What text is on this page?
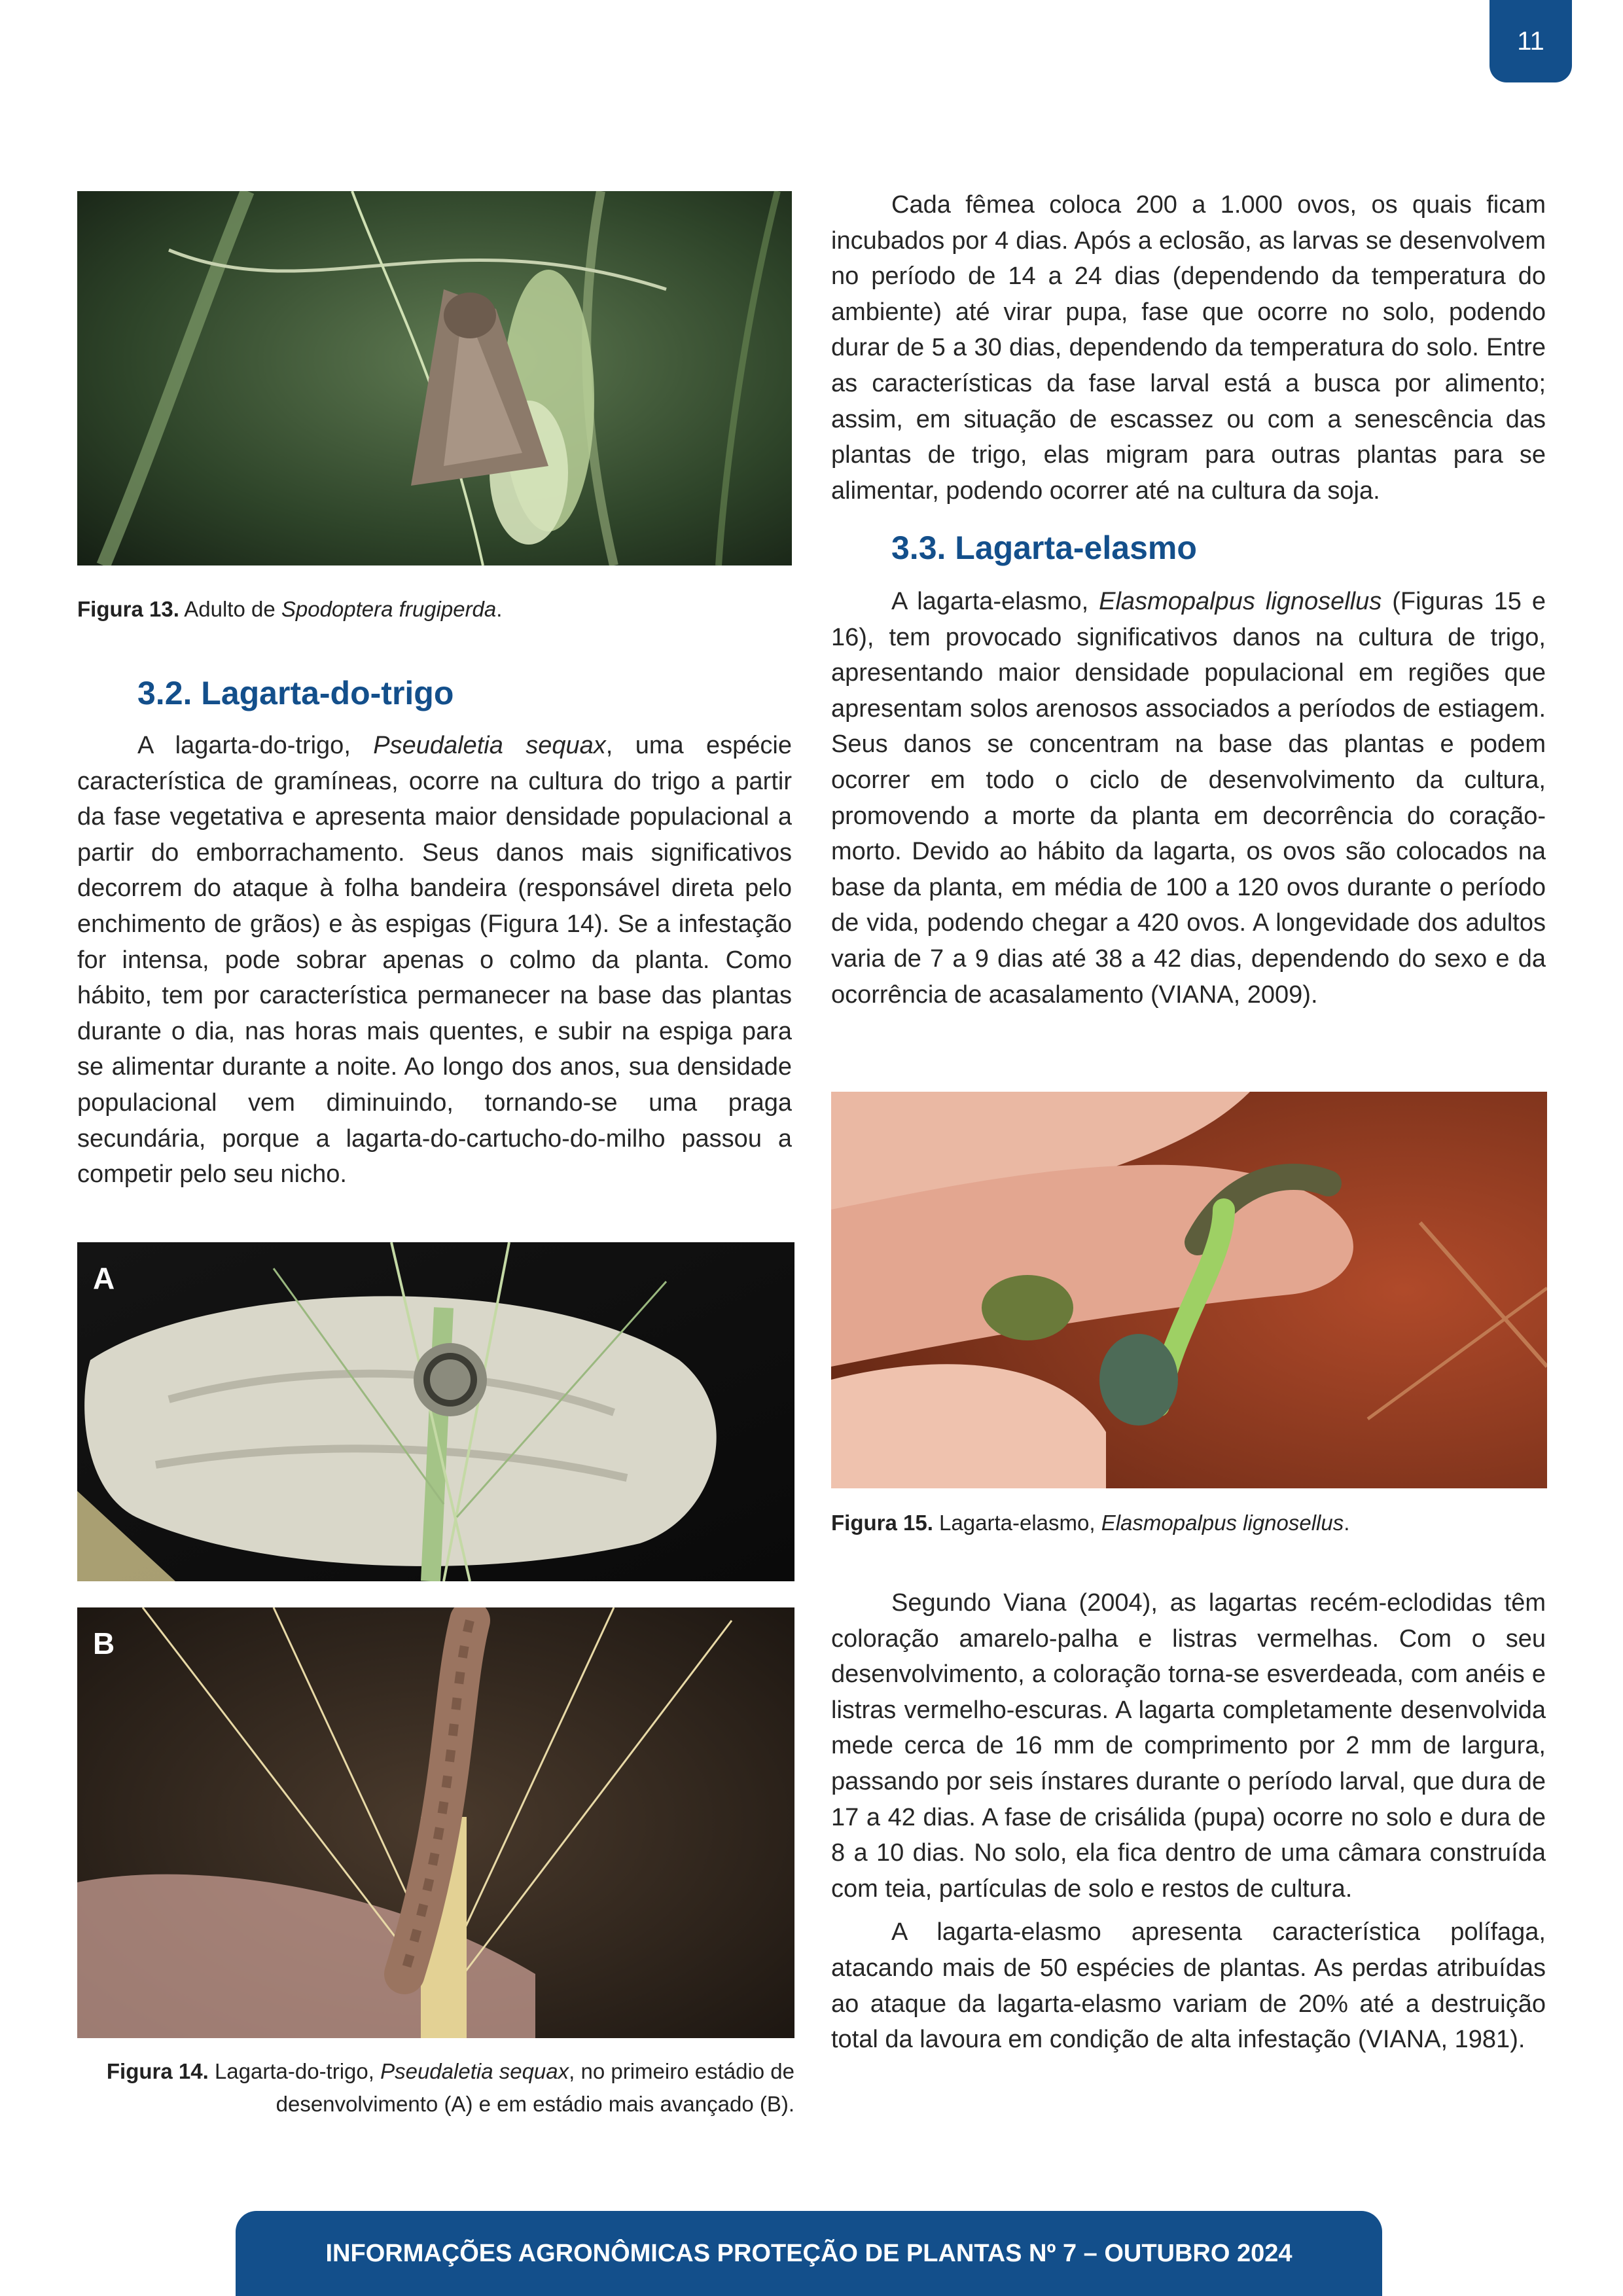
11
Figura 13. Adulto de Spodoptera frugiperda.
3.2. Lagarta-do-trigo

A lagarta-do-trigo, Pseudaletia sequax, uma espécie característica de gramíneas, ocorre na cultura do trigo a partir da fase vegetativa e apresenta maior densidade populacional a partir do emborrachamento. Seus danos mais significativos decorrem do ataque à folha bandeira (responsável direta pelo enchimento de grãos) e às espigas (Figura 14). Se a infestação for intensa, pode sobrar apenas o colmo da planta. Como hábito, tem por característica permanecer na base das plantas durante o dia, nas horas mais quentes, e subir na espiga para se alimentar durante a noite. Ao longo dos anos, sua densidade populacional vem diminuindo, tornando-se uma praga secundária, porque a lagarta-do-cartucho-do-milho passou a competir pelo seu nicho.

A
B
Figura 14. Lagarta-do-trigo, Pseudaletia sequax, no primeiro estádio de desenvolvimento (A) e em estádio mais avançado (B).

Cada fêmea coloca 200 a 1.000 ovos, os quais ficam incubados por 4 dias. Após a eclosão, as larvas se desenvolvem no período de 14 a 24 dias (dependendo da temperatura do ambiente) até virar pupa, fase que ocorre no solo, podendo durar de 5 a 30 dias, dependendo da temperatura do solo. Entre as características da fase larval está a busca por alimento; assim, em situação de escassez ou com a senescência das plantas de trigo, elas migram para outras plantas para se alimentar, podendo ocorrer até na cultura da soja.

3.3. Lagarta-elasmo

A lagarta-elasmo, Elasmopalpus lignosellus (Figuras 15 e 16), tem provocado significativos danos na cultura de trigo, apresentando maior densidade populacional em regiões que apresentam solos arenosos associados a períodos de estiagem. Seus danos se concentram na base das plantas e podem ocorrer em todo o ciclo de desenvolvimento da cultura, promovendo a morte da planta em decorrência do coração-morto. Devido ao hábito da lagarta, os ovos são colocados na base da planta, em média de 100 a 120 ovos durante o período de vida, podendo chegar a 420 ovos. A longevidade dos adultos varia de 7 a 9 dias até 38 a 42 dias, dependendo do sexo e da ocorrência de acasalamento (VIANA, 2009).

Figura 15. Lagarta-elasmo, Elasmopalpus lignosellus.

Segundo Viana (2004), as lagartas recém-eclodidas têm coloração amarelo-palha e listras vermelhas. Com o seu desenvolvimento, a coloração torna-se esverdeada, com anéis e listras vermelho-escuras. A lagarta completamente desenvolvida mede cerca de 16 mm de comprimento por 2 mm de largura, passando por seis ínstares durante o período larval, que dura de 17 a 42 dias. A fase de crisálida (pupa) ocorre no solo e dura de 8 a 10 dias. No solo, ela fica dentro de uma câmara construída com teia, partículas de solo e restos de cultura.

A lagarta-elasmo apresenta característica polífaga, atacando mais de 50 espécies de plantas. As perdas atribuídas ao ataque da lagarta-elasmo variam de 20% até a destruição total da lavoura em condição de alta infestação (VIANA, 1981).

INFORMAÇÕES AGRONÔMICAS PROTEÇÃO DE PLANTAS Nº 7 – OUTUBRO 2024
